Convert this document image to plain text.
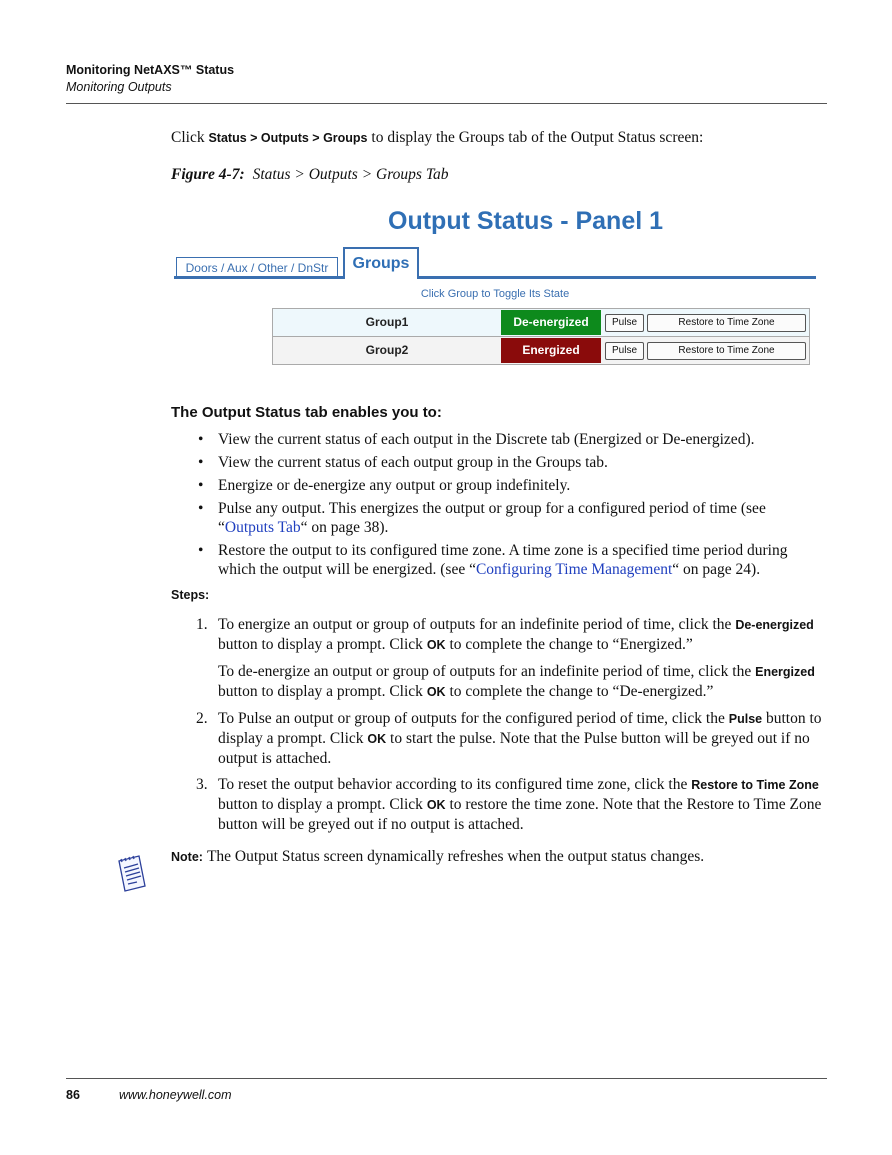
Monitoring NetAXS™ Status
Monitoring Outputs
Click Status > Outputs > Groups to display the Groups tab of the Output Status screen:
Figure 4-7: Status > Outputs > Groups Tab
Output Status - Panel 1
Doors / Aux / Other / DnStr	Groups
Click Group to Toggle Its State
Group1	De-energized	Pulse	Restore to Time Zone
Group2	Energized	Pulse	Restore to Time Zone
The Output Status tab enables you to:
• View the current status of each output in the Discrete tab (Energized or De-energized).
• View the current status of each output group in the Groups tab.
• Energize or de-energize any output or group indefinitely.
• Pulse any output. This energizes the output or group for a configured period of time (see “Outputs Tab“ on page 38).
• Restore the output to its configured time zone. A time zone is a specified time period during which the output will be energized. (see “Configuring Time Management“ on page 24).
Steps:
1. To energize an output or group of outputs for an indefinite period of time, click the De-energized button to display a prompt. Click OK to complete the change to “Energized.”
To de-energize an output or group of outputs for an indefinite period of time, click the Energized button to display a prompt. Click OK to complete the change to “De-energized.”
2. To Pulse an output or group of outputs for the configured period of time, click the Pulse button to display a prompt. Click OK to start the pulse. Note that the Pulse button will be greyed out if no output is attached.
3. To reset the output behavior according to its configured time zone, click the Restore to Time Zone button to display a prompt. Click OK to restore the time zone. Note that the Restore to Time Zone button will be greyed out if no output is attached.
Note: The Output Status screen dynamically refreshes when the output status changes.
86	www.honeywell.com
